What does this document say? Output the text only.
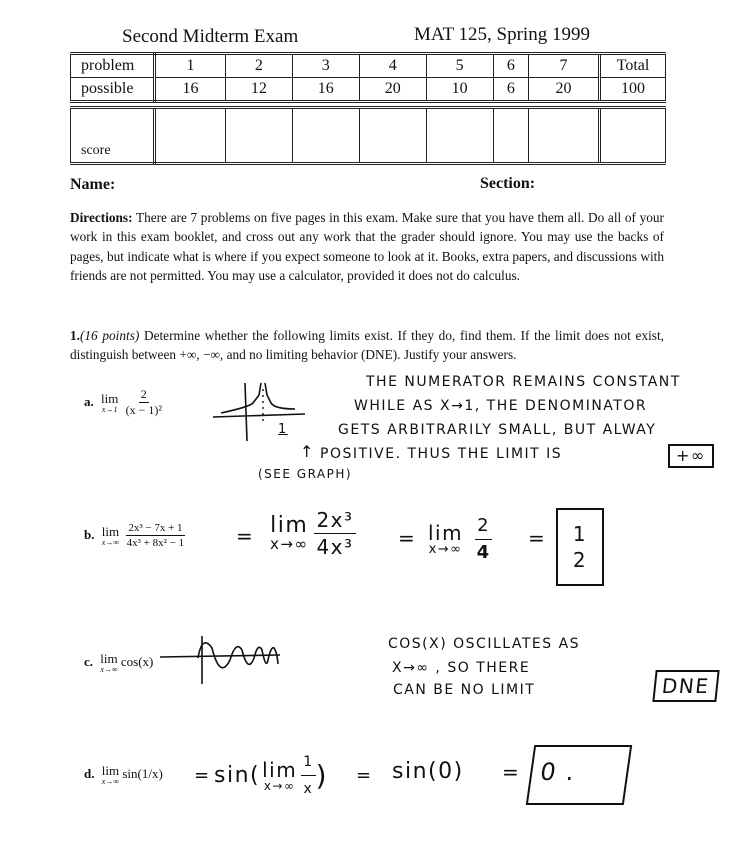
Second Midterm Exam	MAT 125, Spring 1999
problem	1	2	3	4	5	6	7	Total
possible	16	12	16	20	10	6	20	100

score								
Name:	Section:
Directions: There are 7 problems on five pages in this exam. Make sure that you have them all. Do all of your work in this exam booklet, and cross out any work that the grader should ignore. You may use the backs of pages, but indicate what is where if you expect someone to look at it. Books, extra papers, and discussions with friends are not permitted. You may use a calculator, provided it does not do calculus.
1.(16 points) Determine whether the following limits exist. If they do, find them. If the limit does not exist, distinguish between +∞, −∞, and no limiting behavior (DNE). Justify your answers.
a. lim
x→1
$\frac{2}{\text{(x − 1)²}}$
1
↑
(SEE GRAPH)
THE NUMERATOR REMAINS CONSTANT
WHILE AS X→1, THE DENOMINATOR
GETS ARBITRARILY SMALL, BUT ALWAY
POSITIVE. THUS THE LIMIT IS	+∞
b. lim
x→∞
$\frac{\text{2x³ − 7x + 1}}{\text{4x³ + 8x² − 1}}$	= lim
$x\to\infty \frac{\text{2x³}}{\text{4x³}} = \lim$
$x\to\infty \frac{2}{4} = 1$
2
c. lim
x→∞
cos(x)
COS(X) OSCILLATES AS
X→∞ , SO THERE
CAN BE NO LIMIT	DNE
d. lim
x→∞
sin(1/x) = sin( lim
$x\to\infty \frac{1}{x}$ ) = sin(0) = 0 .
